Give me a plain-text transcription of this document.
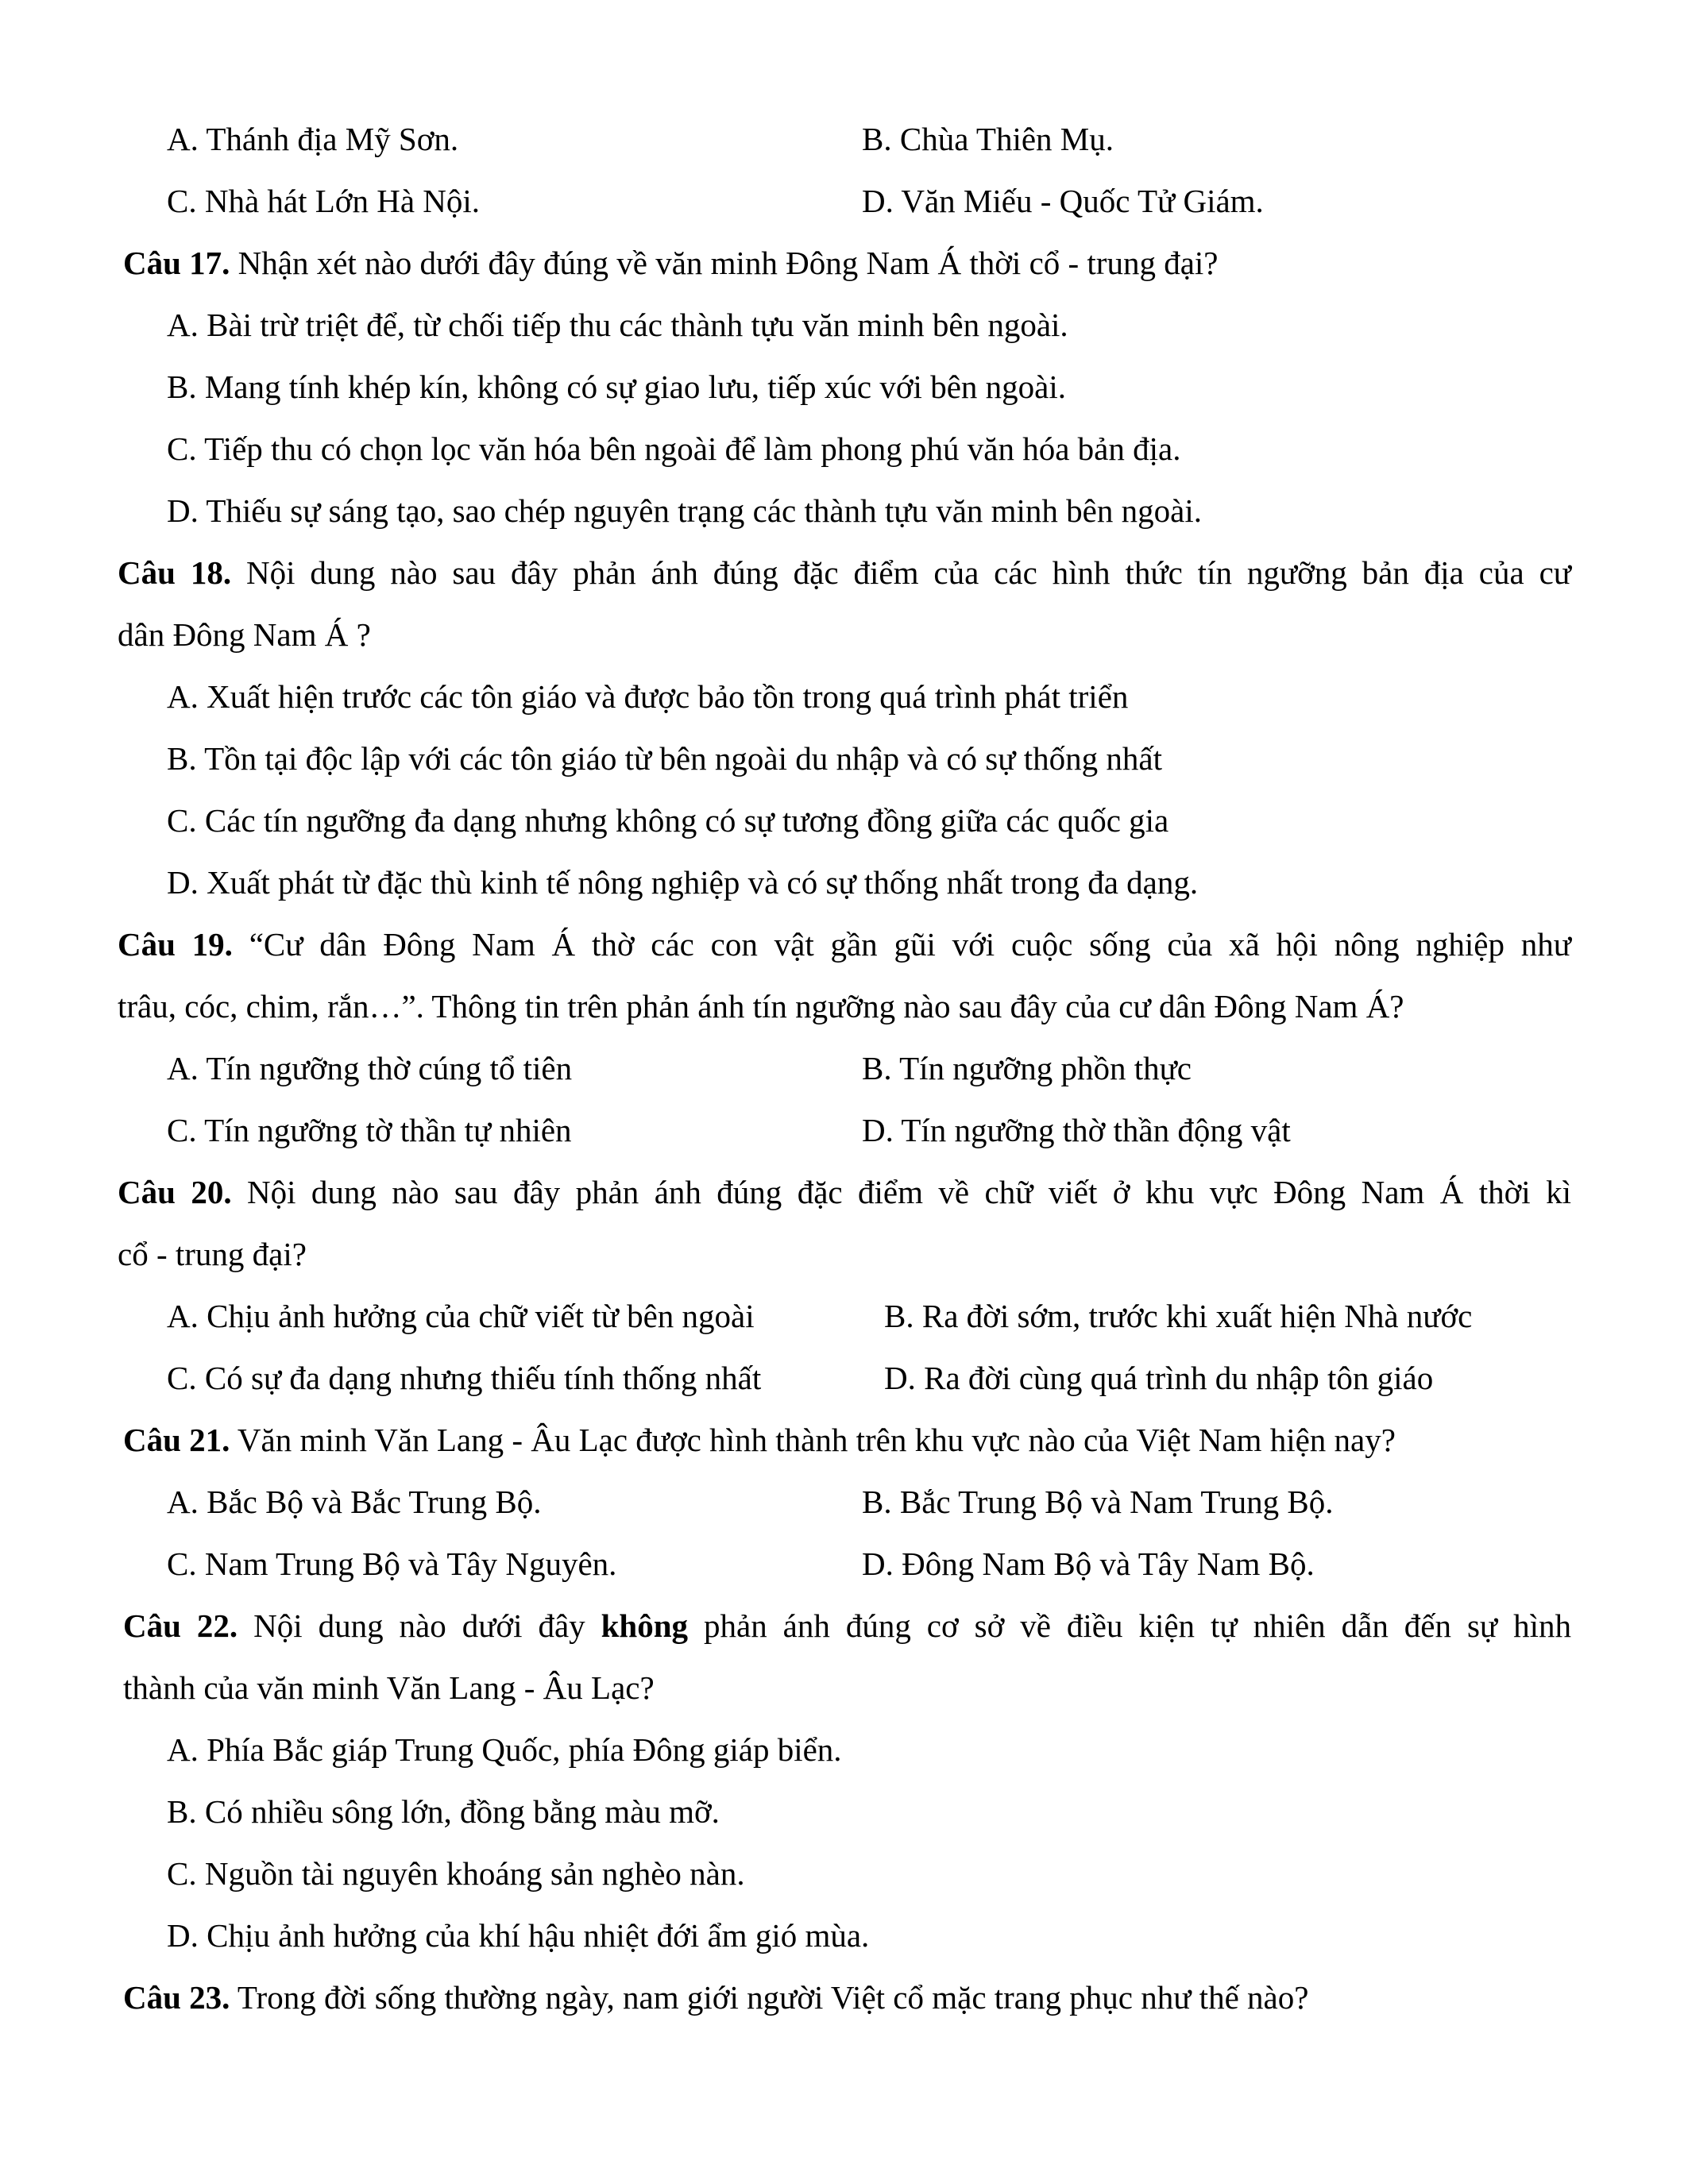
A. Thánh địa Mỹ Sơn.	B. Chùa Thiên Mụ.
C. Nhà hát Lớn Hà Nội.	D. Văn Miếu - Quốc Tử Giám.
Câu 17. Nhận xét nào dưới đây đúng về văn minh Đông Nam Á thời cổ - trung đại?
A. Bài trừ triệt để, từ chối tiếp thu các thành tựu văn minh bên ngoài.
B. Mang tính khép kín, không có sự giao lưu, tiếp xúc với bên ngoài.
C. Tiếp thu có chọn lọc văn hóa bên ngoài để làm phong phú văn hóa bản địa.
D. Thiếu sự sáng tạo, sao chép nguyên trạng các thành tựu văn minh bên ngoài.
Câu 18. Nội dung nào sau đây phản ánh đúng đặc điểm của các hình thức tín ngưỡng bản địa của cư
dân Đông Nam Á ?
A. Xuất hiện trước các tôn giáo và được bảo tồn trong quá trình phát triển
B. Tồn tại độc lập với các tôn giáo từ bên ngoài du nhập và có sự thống nhất
C. Các tín ngưỡng đa dạng nhưng không có sự tương đồng giữa các quốc gia
D. Xuất phát từ đặc thù kinh tế nông nghiệp và có sự thống nhất trong đa dạng.
Câu 19. “Cư dân Đông Nam Á thờ các con vật gần gũi với cuộc sống của xã hội nông nghiệp như
trâu, cóc, chim, rắn…”. Thông tin trên phản ánh tín ngưỡng nào sau đây của cư dân Đông Nam Á?
A. Tín ngưỡng thờ cúng tổ tiên	B. Tín ngưỡng phồn thực
C. Tín ngưỡng tờ thần tự nhiên	D. Tín ngưỡng thờ thần động vật
Câu 20. Nội dung nào sau đây phản ánh đúng đặc điểm về chữ viết ở khu vực Đông Nam Á thời kì
cổ - trung đại?
A. Chịu ảnh hưởng của chữ viết từ bên ngoài	B. Ra đời sớm, trước khi xuất hiện Nhà nước
C. Có sự đa dạng nhưng thiếu tính thống nhất	D. Ra đời cùng quá trình du nhập tôn giáo
Câu 21. Văn minh Văn Lang - Âu Lạc được hình thành trên khu vực nào của Việt Nam hiện nay?
A. Bắc Bộ và Bắc Trung Bộ.	B. Bắc Trung Bộ và Nam Trung Bộ.
C. Nam Trung Bộ và Tây Nguyên.	D. Đông Nam Bộ và Tây Nam Bộ.
Câu 22. Nội dung nào dưới đây không phản ánh đúng cơ sở về điều kiện tự nhiên dẫn đến sự hình
thành của văn minh Văn Lang - Âu Lạc?
A. Phía Bắc giáp Trung Quốc, phía Đông giáp biển.
B. Có nhiều sông lớn, đồng bằng màu mỡ.
C. Nguồn tài nguyên khoáng sản nghèo nàn.
D. Chịu ảnh hưởng của khí hậu nhiệt đới ẩm gió mùa.
Câu 23. Trong đời sống thường ngày, nam giới người Việt cổ mặc trang phục như thế nào?
